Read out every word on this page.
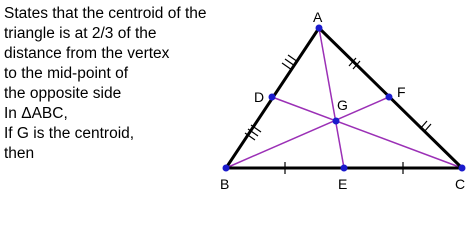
States that the centroid of the
triangle is at 2/3 of the
distance from the vertex
to the mid-point of
the opposite side
In ΔABC,
If G is the centroid,
then
A
B	C
D
E
F
G
